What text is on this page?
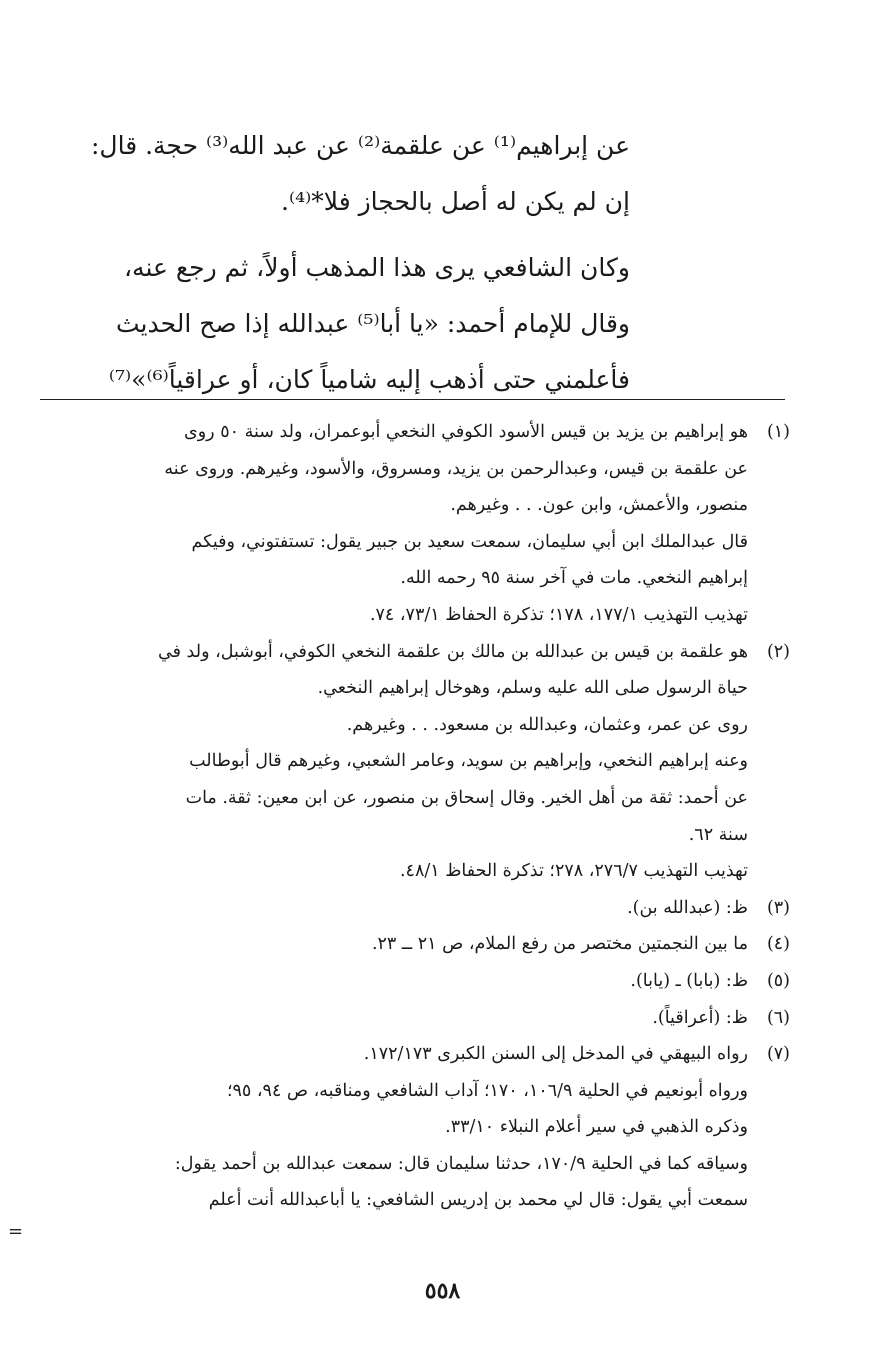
عن إبراهيم⁽¹⁾ عن علقمة⁽²⁾ عن عبد الله⁽³⁾ حجة. قال:
إن لم يكن له أصل بالحجاز فلا*⁽⁴⁾.
وكان الشافعي يرى هذا المذهب أولاً، ثم رجع عنه،
وقال للإمام أحمد: «يا أبا⁽⁵⁾ عبدالله إذا صح الحديث
فأعلمني حتى أذهب إليه شامياً كان، أو عراقياً⁽⁶⁾»⁽⁷⁾
(١)هو إبراهيم بن يزيد بن قيس الأسود الكوفي النخعي أبوعمران، ولد سنة ٥٠ روى
عن علقمة بن قيس، وعبدالرحمن بن يزيد، ومسروق، والأسود، وغيرهم. وروى عنه
منصور، والأعمش، وابن عون. . . وغيرهم.
قال عبدالملك ابن أبي سليمان، سمعت سعيد بن جبير يقول: تستفتوني، وفيكم
إبراهيم النخعي. مات في آخر سنة ٩٥ رحمه الله.
تهذيب التهذيب ١٧٧/١، ١٧٨؛ تذكرة الحفاظ ٧٣/١، ٧٤.
(٢)هو علقمة بن قيس بن عبدالله بن مالك بن علقمة النخعي الكوفي، أبوشبل، ولد في
حياة الرسول صلى الله عليه وسلم، وهوخال إبراهيم النخعي.
روى عن عمر، وعثمان، وعبدالله بن مسعود. . . وغيرهم.
وعنه إبراهيم النخعي، وإبراهيم بن سويد، وعامر الشعبي، وغيرهم قال أبوطالب
عن أحمد: ثقة من أهل الخير. وقال إسحاق بن منصور، عن ابن معين: ثقة. مات
سنة ٦٢.
تهذيب التهذيب ٢٧٦/٧، ٢٧٨؛ تذكرة الحفاظ ٤٨/١.
(٣)ظ: (عبدالله بن).
(٤)ما بين النجمتين مختصر من رفع الملام، ص ٢١ ــ ٢٣.
(٥)ظ: (بابا) ـ (يابا).
(٦)ظ: (أعراقياً).
(٧)رواه البيهقي في المدخل إلى السنن الكبرى ١٧٢/١٧٣.
ورواه أبونعيم في الحلية ١٠٦/٩، ١٧٠؛ آداب الشافعي ومناقبه، ص ٩٤، ٩٥؛
وذكره الذهبي في سير أعلام النبلاء ٣٣/١٠.
وسياقه كما في الحلية ١٧٠/٩، حدثنا سليمان قال: سمعت عبدالله بن أحمد يقول:
سمعت أبي يقول: قال لي محمد بن إدريس الشافعي: يا أباعبدالله أنت أعلم
=
٥٥٨
